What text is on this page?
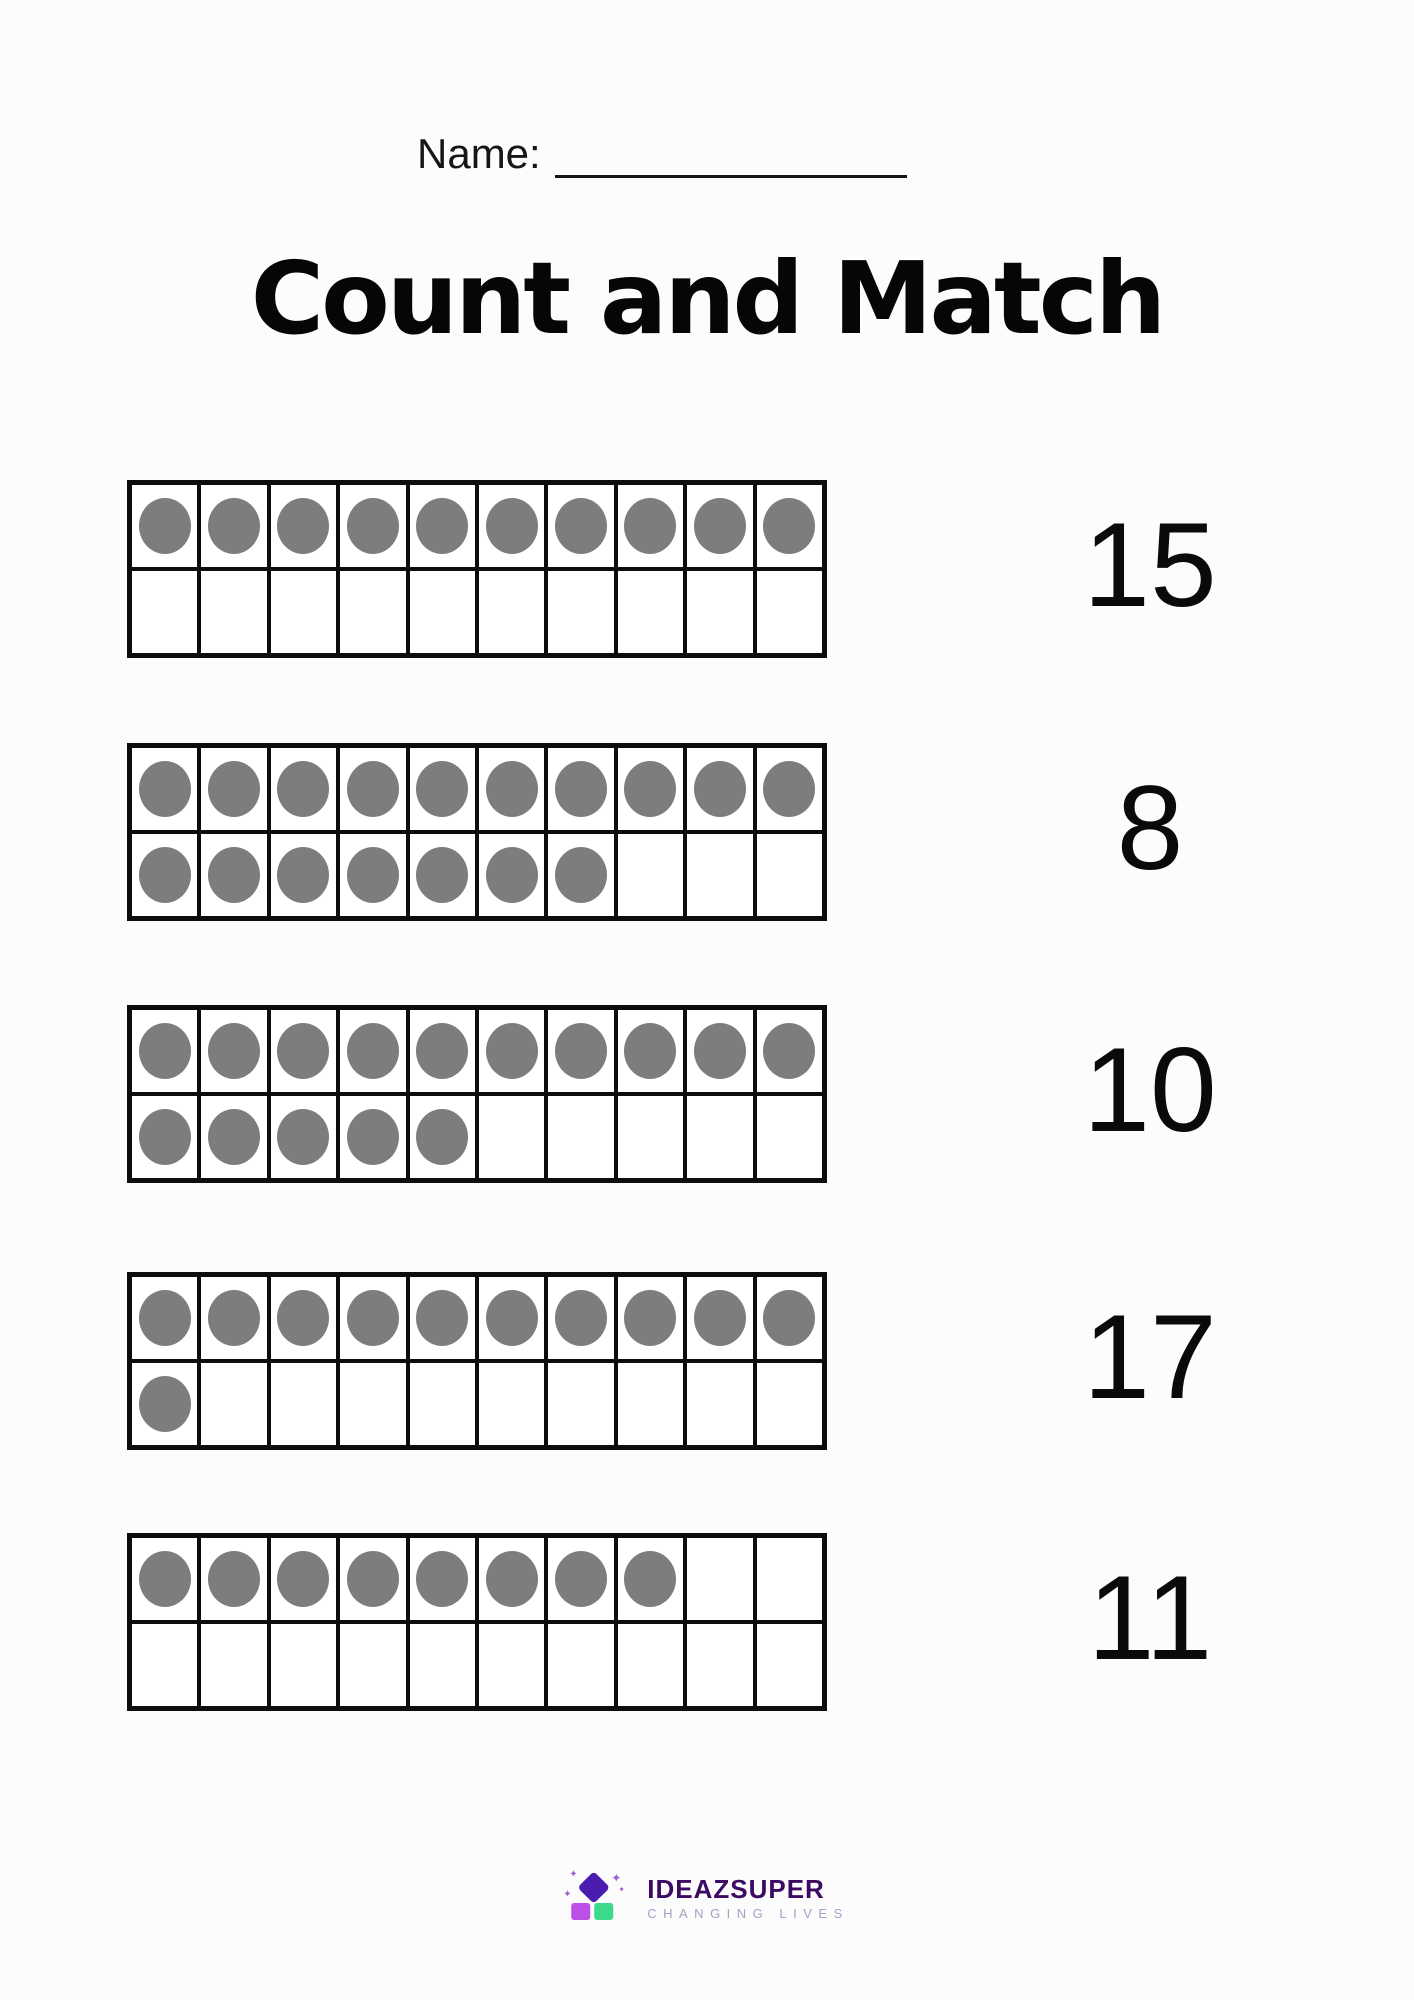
Name:
Count and Match
15
8
10
17
11
✦	✦
✦	✦ IDEAZSUPER
CHANGING LIVES
